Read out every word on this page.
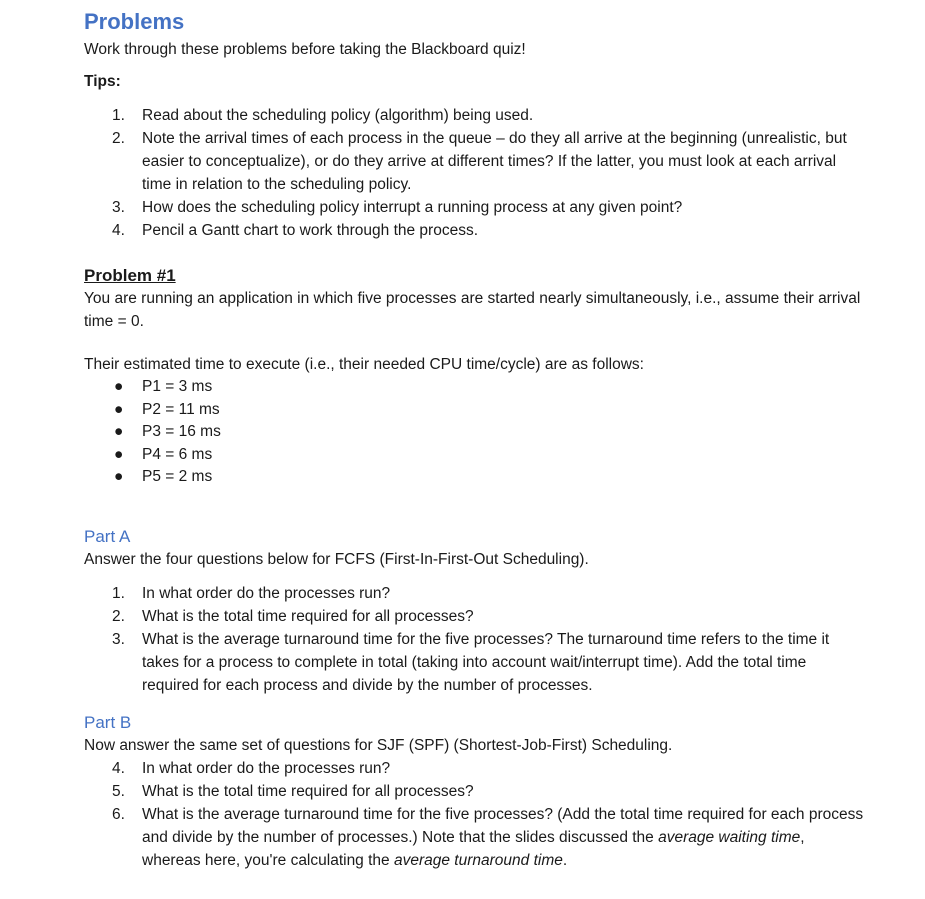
Problems

Work through these problems before taking the Blackboard quiz!

Tips:

1. Read about the scheduling policy (algorithm) being used.
2. Note the arrival times of each process in the queue – do they all arrive at the beginning (unrealistic, but easier to conceptualize), or do they arrive at different times? If the latter, you must look at each arrival time in relation to the scheduling policy.
3. How does the scheduling policy interrupt a running process at any given point?
4. Pencil a Gantt chart to work through the process.

Problem #1

You are running an application in which five processes are started nearly simultaneously, i.e., assume their arrival time = 0.

Their estimated time to execute (i.e., their needed CPU time/cycle) are as follows:

● P1 = 3 ms
● P2 = 11 ms
● P3 = 16 ms
● P4 = 6 ms
● P5 = 2 ms

Part A

Answer the four questions below for FCFS (First-In-First-Out Scheduling).

1. In what order do the processes run?
2. What is the total time required for all processes?
3. What is the average turnaround time for the five processes? The turnaround time refers to the time it takes for a process to complete in total (taking into account wait/interrupt time). Add the total time required for each process and divide by the number of processes.

Part B

Now answer the same set of questions for SJF (SPF) (Shortest-Job-First) Scheduling.

4. In what order do the processes run?
5. What is the total time required for all processes?
6. What is the average turnaround time for the five processes? (Add the total time required for each process and divide by the number of processes.) Note that the slides discussed the average waiting time, whereas here, you're calculating the average turnaround time.
